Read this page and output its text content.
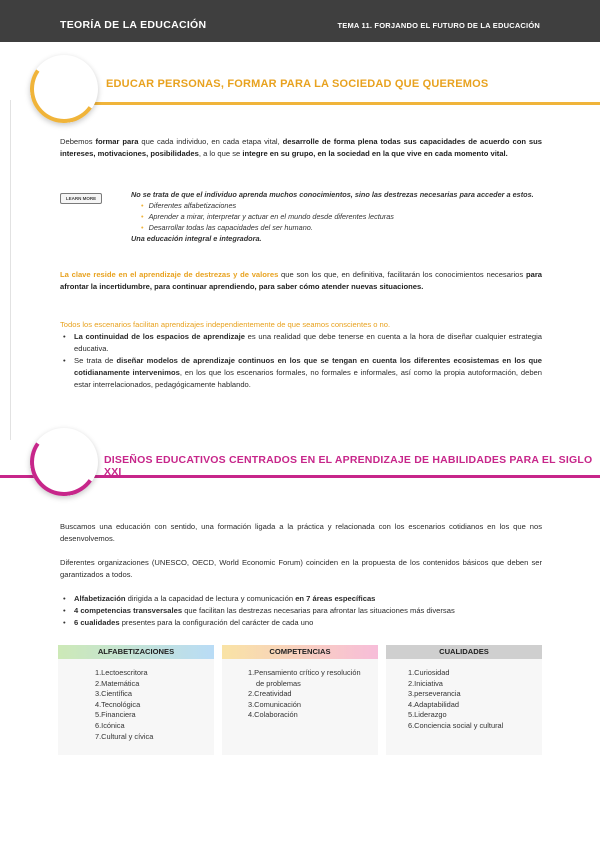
TEORÍA DE LA EDUCACIÓN	TEMA 11. FORJANDO EL FUTURO DE LA EDUCACIÓN
EDUCAR PERSONAS, FORMAR PARA LA SOCIEDAD QUE QUEREMOS

Debemos formar para que cada individuo, en cada etapa vital, desarrolle de forma plena todas sus capacidades de acuerdo con sus intereses, motivaciones, posibilidades, a lo que se integre en su grupo, en la sociedad en la que vive en cada momento vital.

LEARN MORE	No se trata de que el individuo aprenda muchos conocimientos, sino las destrezas necesarias para acceder a estos.
• Diferentes alfabetizaciones
• Aprender a mirar, interpretar y actuar en el mundo desde diferentes lecturas
• Desarrollar todas las capacidades del ser humano.
Una educación integral e integradora.

La clave reside en el aprendizaje de destrezas y de valores que son los que, en definitiva, facilitarán los conocimientos necesarios para afrontar la incertidumbre, para continuar aprendiendo, para saber cómo atender nuevas situaciones.

Todos los escenarios facilitan aprendizajes independientemente de que seamos conscientes o no.

• La continuidad de los espacios de aprendizaje es una realidad que debe tenerse en cuenta a la hora de diseñar cualquier estrategia educativa.
• Se trata de diseñar modelos de aprendizaje continuos en los que se tengan en cuenta los diferentes ecosistemas en los que cotidianamente intervenimos, en los que los escenarios formales, no formales e informales, así como la propia autoformación, deben estar interrelacionados, pedagógicamente hablando.
DISEÑOS EDUCATIVOS CENTRADOS EN EL APRENDIZAJE DE HABILIDADES PARA EL SIGLO XXI

Buscamos una educación con sentido, una formación ligada a la práctica y relacionada con los escenarios cotidianos en los que nos desenvolvemos.

Diferentes organizaciones (UNESCO, OECD, World Economic Forum) coinciden en la propuesta de los contenidos básicos que deben ser garantizados a todos.

• Alfabetización dirigida a la capacidad de lectura y comunicación en 7 áreas específicas
• 4 competencias transversales que facilitan las destrezas necesarias para afrontar las situaciones más diversas
• 6 cualidades presentes para la configuración del carácter de cada uno
ALFABETIZACIONES
1.Lectoescritora
2.Matemática
3.Científica
4.Tecnológica
5.Financiera
6.Icónica
7.Cultural y cívica
COMPETENCIAS
1.Pensamiento crítico y resolución de problemas
2.Creatividad
3.Comunicación
4.Colaboración
CUALIDADES
1.Curiosidad
2.Iniciativa
3.perseverancia
4.Adaptabilidad
5.Liderazgo
6.Conciencia social y cultural
